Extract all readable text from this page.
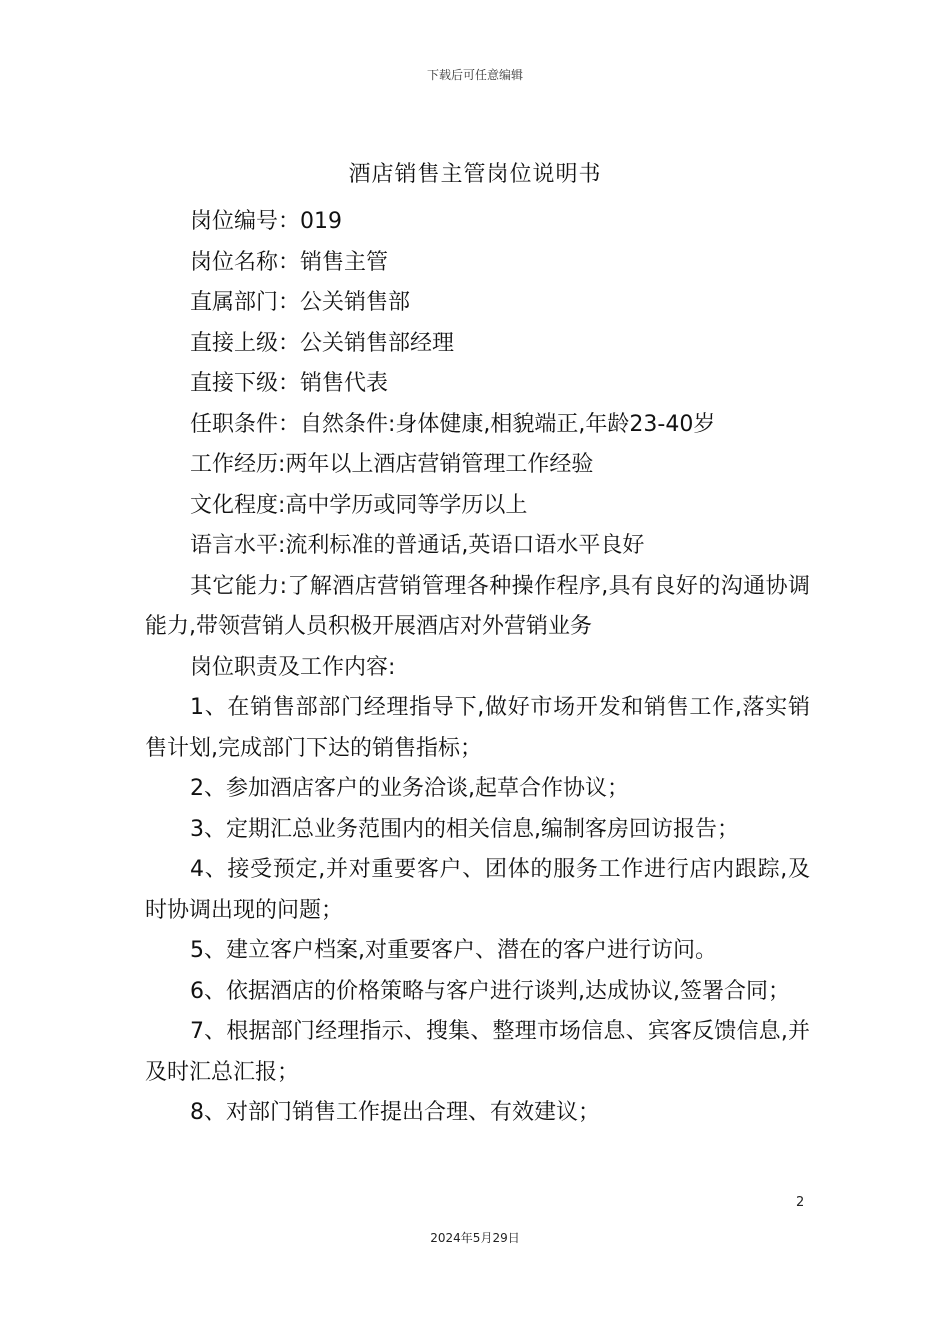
下载后可任意编辑
酒店销售主管岗位说明书

岗位编号：019

岗位名称：销售主管

直属部门：公关销售部

直接上级：公关销售部经理

直接下级：销售代表

任职条件：自然条件:身体健康,相貌端正,年龄23-40岁

工作经历:两年以上酒店营销管理工作经验

文化程度:高中学历或同等学历以上

语言水平:流利标准的普通话,英语口语水平良好

其它能力:了解酒店营销管理各种操作程序,具有良好的沟通协调能力,带领营销人员积极开展酒店对外营销业务

岗位职责及工作内容:

1、在销售部部门经理指导下,做好市场开发和销售工作,落实销售计划,完成部门下达的销售指标；

2、参加酒店客户的业务洽谈,起草合作协议；

3、定期汇总业务范围内的相关信息,编制客房回访报告；

4、接受预定,并对重要客户、团体的服务工作进行店内跟踪,及时协调出现的问题；

5、建立客户档案,对重要客户、潜在的客户进行访问。

6、依据酒店的价格策略与客户进行谈判,达成协议,签署合同；

7、根据部门经理指示、搜集、整理市场信息、宾客反馈信息,并及时汇总汇报；

8、对部门销售工作提出合理、有效建议；

2
2024年5月29日
